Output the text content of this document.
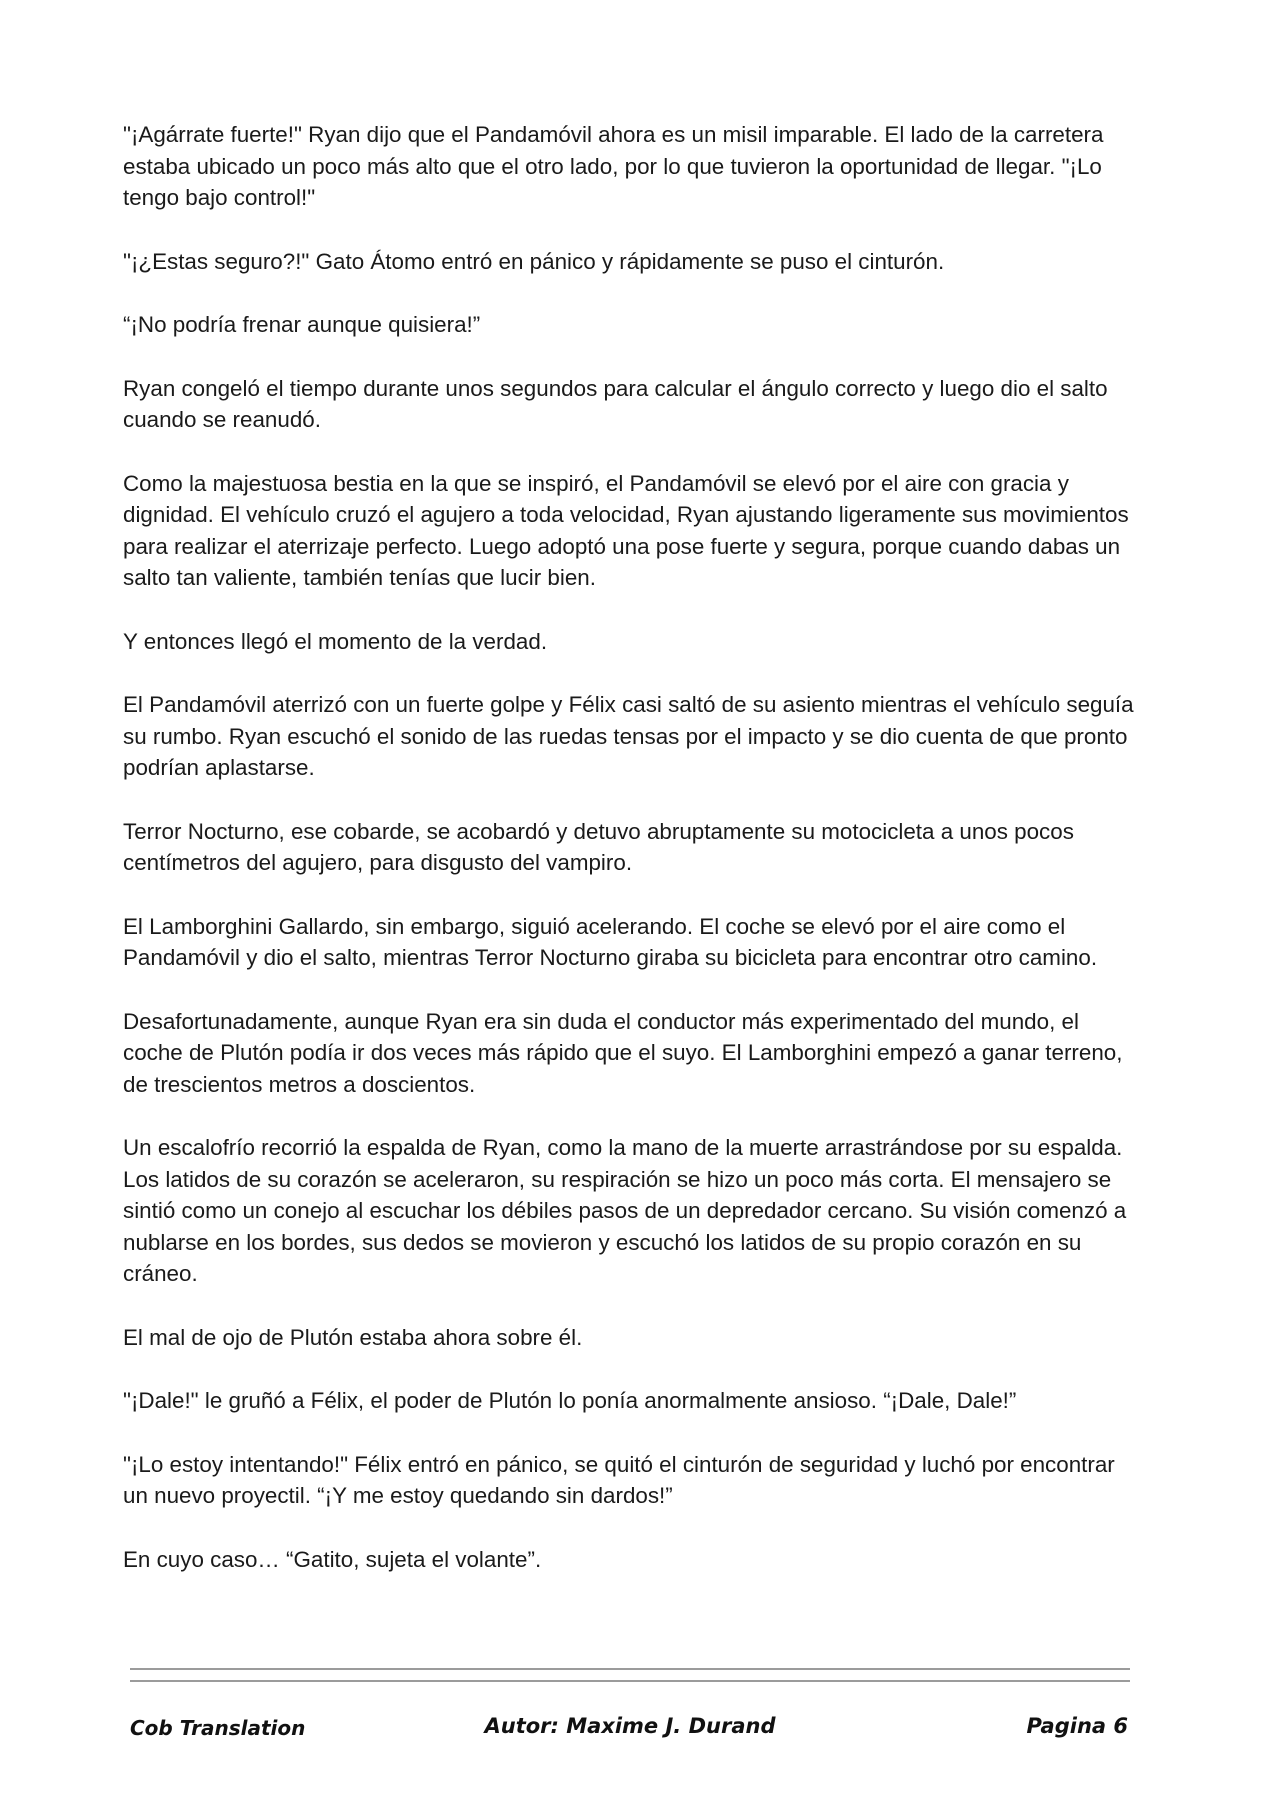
"¡Agárrate fuerte!" Ryan dijo que el Pandamóvil ahora es un misil imparable. El lado de la carretera estaba ubicado un poco más alto que el otro lado, por lo que tuvieron la oportunidad de llegar. "¡Lo tengo bajo control!"

"¡¿Estas seguro?!" Gato Átomo entró en pánico y rápidamente se puso el cinturón.

“¡No podría frenar aunque quisiera!”

Ryan congeló el tiempo durante unos segundos para calcular el ángulo correcto y luego dio el salto cuando se reanudó.

Como la majestuosa bestia en la que se inspiró, el Pandamóvil se elevó por el aire con gracia y dignidad. El vehículo cruzó el agujero a toda velocidad, Ryan ajustando ligeramente sus movimientos para realizar el aterrizaje perfecto. Luego adoptó una pose fuerte y segura, porque cuando dabas un salto tan valiente, también tenías que lucir bien.

Y entonces llegó el momento de la verdad.

El Pandamóvil aterrizó con un fuerte golpe y Félix casi saltó de su asiento mientras el vehículo seguía su rumbo. Ryan escuchó el sonido de las ruedas tensas por el impacto y se dio cuenta de que pronto podrían aplastarse.

Terror Nocturno, ese cobarde, se acobardó y detuvo abruptamente su motocicleta a unos pocos centímetros del agujero, para disgusto del vampiro.

El Lamborghini Gallardo, sin embargo, siguió acelerando. El coche se elevó por el aire como el Pandamóvil y dio el salto, mientras Terror Nocturno giraba su bicicleta para encontrar otro camino.

Desafortunadamente, aunque Ryan era sin duda el conductor más experimentado del mundo, el coche de Plutón podía ir dos veces más rápido que el suyo. El Lamborghini empezó a ganar terreno, de trescientos metros a doscientos.

Un escalofrío recorrió la espalda de Ryan, como la mano de la muerte arrastrándose por su espalda. Los latidos de su corazón se aceleraron, su respiración se hizo un poco más corta. El mensajero se sintió como un conejo al escuchar los débiles pasos de un depredador cercano. Su visión comenzó a nublarse en los bordes, sus dedos se movieron y escuchó los latidos de su propio corazón en su cráneo.

El mal de ojo de Plutón estaba ahora sobre él.

"¡Dale!" le gruñó a Félix, el poder de Plutón lo ponía anormalmente ansioso. “¡Dale, Dale!”

"¡Lo estoy intentando!" Félix entró en pánico, se quitó el cinturón de seguridad y luchó por encontrar un nuevo proyectil. “¡Y me estoy quedando sin dardos!”

En cuyo caso… “Gatito, sujeta el volante”.

Cob Translation	Autor: Maxime J. Durand	Pagina 6
